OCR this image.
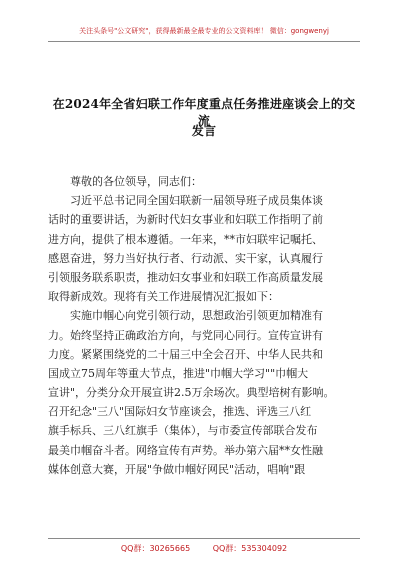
关注头条号"公文研究"，获得最新最全最专业的公文资料库！ 微信：gongwenyj
在2024年全省妇联工作年度重点任务推进座谈会上的交流
发言
尊敬的各位领导，同志们：
习近平总书记同全国妇联新一届领导班子成员集体谈
话时的重要讲话，为新时代妇女事业和妇联工作指明了前
进方向，提供了根本遵循。一年来，**市妇联牢记嘱托、
感恩奋进，努力当好执行者、行动派、实干家，认真履行
引领服务联系职责，推动妇女事业和妇联工作高质量发展
取得新成效。现将有关工作进展情况汇报如下：
实施巾帼心向党引领行动，思想政治引领更加精准有
力。始终坚持正确政治方向，与党同心同行。宣传宣讲有
力度。紧紧围绕党的二十届三中全会召开、中华人民共和
国成立75周年等重大节点，推进"巾帼大学习""巾帼大
宣讲"，分类分众开展宣讲2.5万余场次。典型培树有影响。
召开纪念"三八"国际妇女节座谈会，推选、评选三八红
旗手标兵、三八红旗手（集体），与市委宣传部联合发布
最美巾帼奋斗者。网络宣传有声势。举办第六届**女性融
媒体创意大赛，开展"争做巾帼好网民"活动，唱响"跟
QQ群：30265665	QQ群：535304092
